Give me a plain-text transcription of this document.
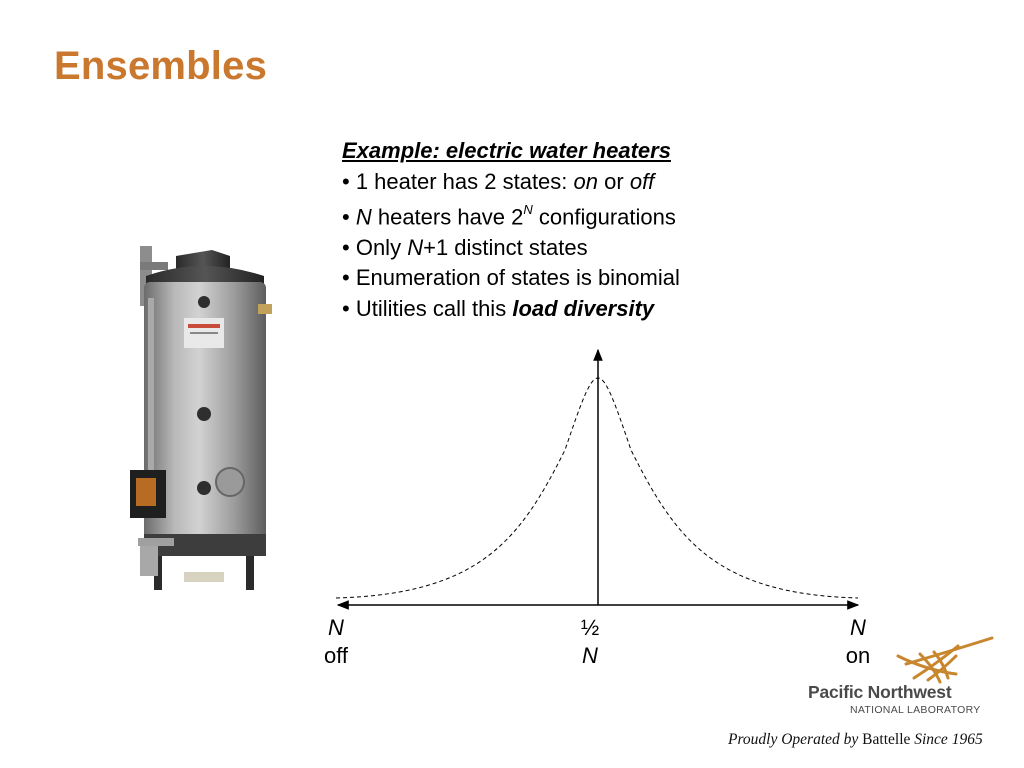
Ensembles
Example: electric water heaters
• 1 heater has 2 states: on or off
• N heaters have $2^N$ configurations
• Only N+1 distinct states
• Enumeration of states is binomial
• Utilities call this load diversity
N
off
½
N
N
on
Pacific Northwest
NATIONAL LABORATORY
Proudly Operated by Battelle Since 1965
